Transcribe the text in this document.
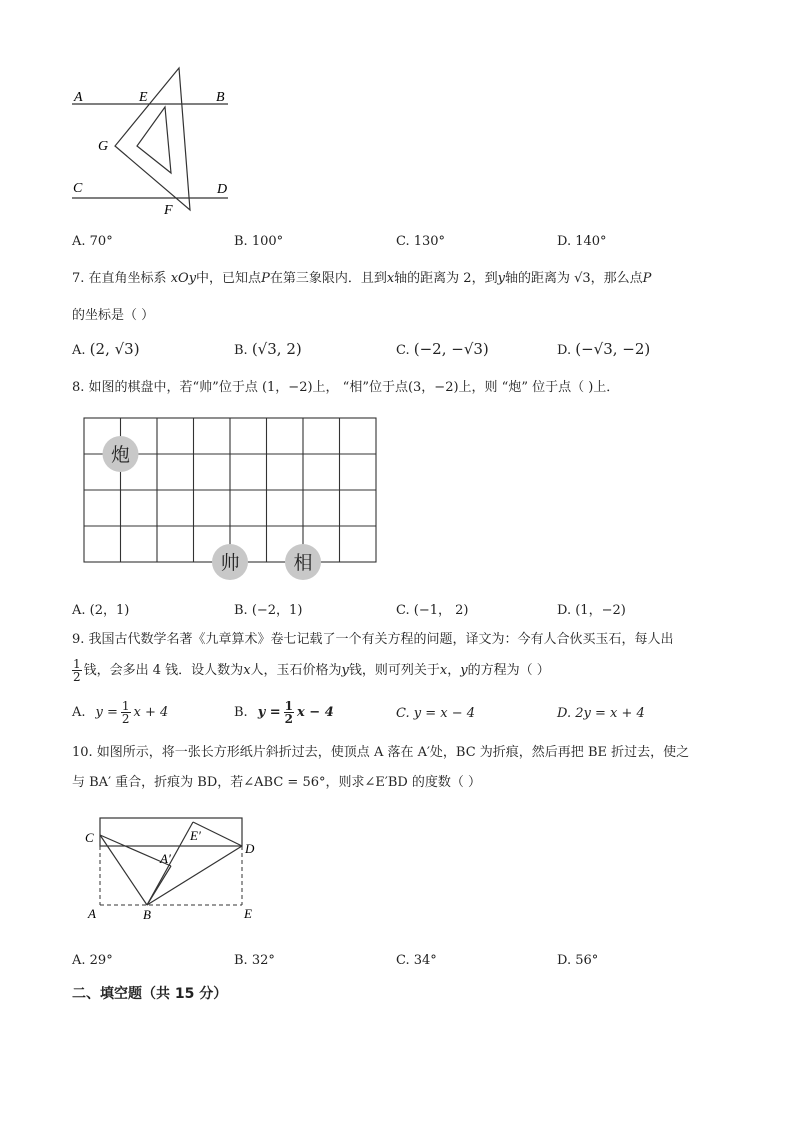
A	E	B
G
C	D
F
A. 70°	B. 100°	C. 130°	D. 140°
7. 在直角坐标系 xOy中，已知点P在第三象限内．且到x轴的距离为 2，到y轴的距离为 √3，那么点P
的坐标是（ ）
A. (2, √3)	B. (√3, 2)	C. (−2, −√3)	D. (−√3, −2)
8. 如图的棋盘中，若“帅”位于点 (1，−2)上， “相”位于点(3，−2)上，则 “炮” 位于点（ )上．
炮
帅	相
A. (2，1)	B. (−2，1)	C. (−1， 2)	D. (1，−2)
9. 我国古代数学名著《九章算术》卷七记载了一个有关方程的问题，译文为：今有人合伙买玉石，每人出
1
2 钱，会多出 4 钱．设人数为 x 人，玉石价格为 y 钱，则可列关于 x ， y 的方程为（ ）
A. $y = \frac{1}{2}$ x + 4	B. $y = \frac{1}{2}$ x − 4	C. y = x − 4	D. 2y = x + 4
10. 如图所示，将一张长方形纸片斜折过去，使顶点 A 落在 A′处，BC 为折痕，然后再把 BE 折过去，使之
与 BA′ 重合，折痕为 BD，若∠ABC = 56°，则求∠E′BD 的度数（ ）
C
A′
E′
D
A	B	E
A. 29°	B. 32°	C. 34°	D. 56°
二、填空题（共 15 分）
